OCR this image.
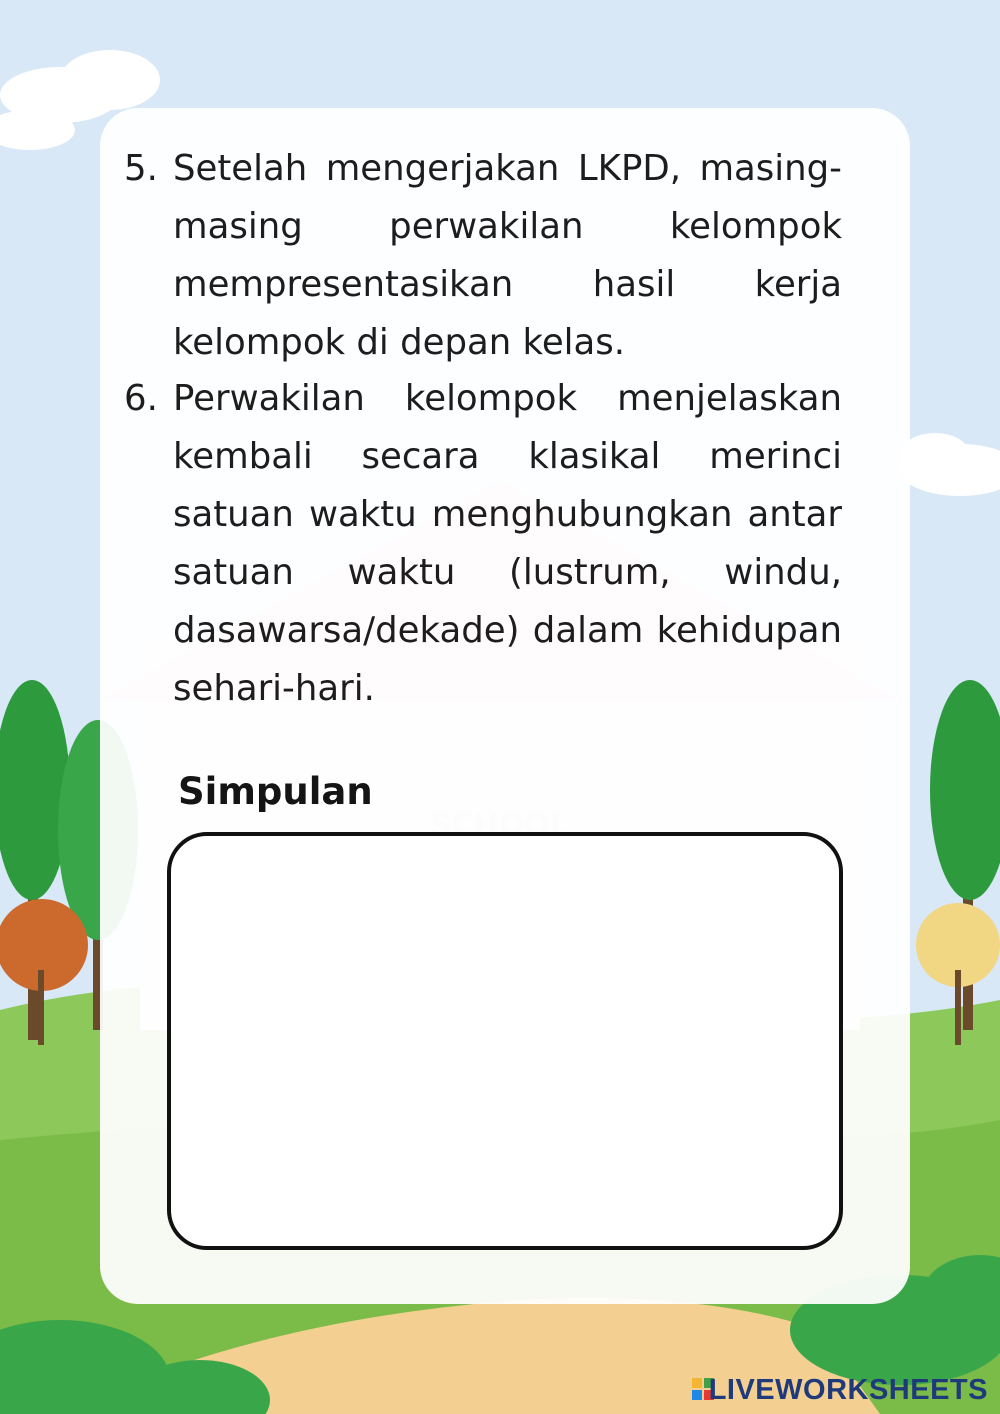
5. Setelah mengerjakan LKPD, masing-masing perwakilan kelompok mempresentasikan hasil kerja kelompok di depan kelas.
6. Perwakilan kelompok menjelaskan kembali secara klasikal merinci satuan waktu menghubungkan antar satuan waktu (lustrum, windu, dasawarsa/dekade) dalam kehidupan sehari-hari.
Simpulan
LIVEWORKSHEETS
